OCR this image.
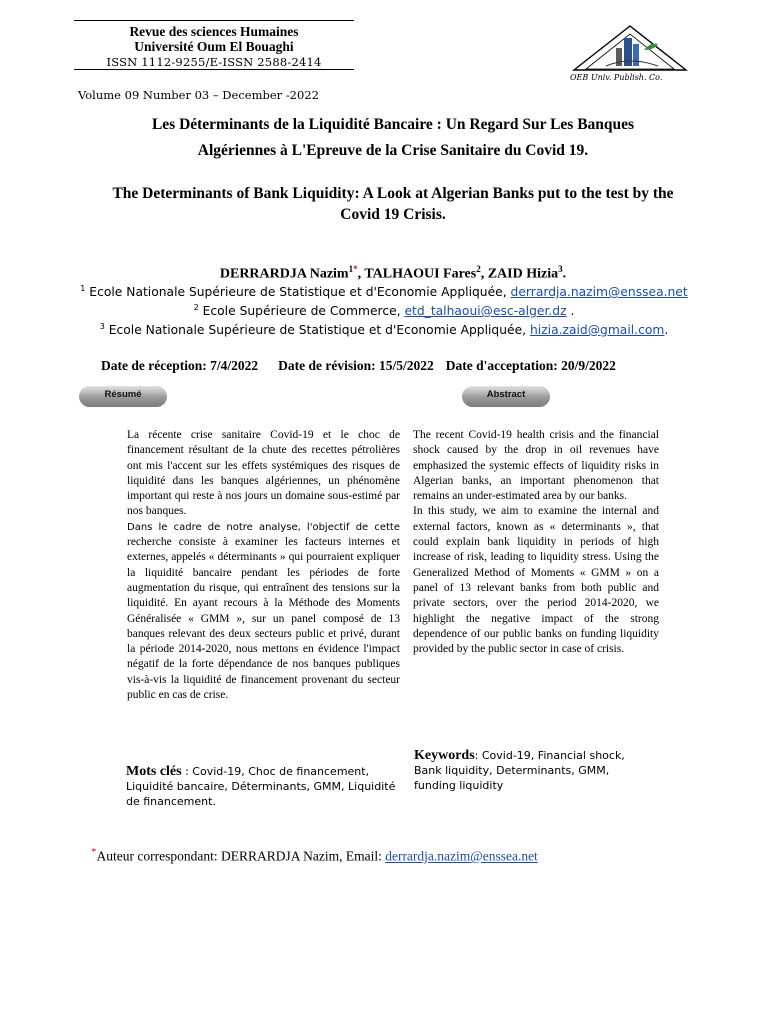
Revue des sciences Humaines
Université Oum El Bouaghi
ISSN 1112-9255/E-ISSN 2588-2414
OEB Univ. Publish. Co.
Volume 09 Number 03 – December -2022
Les Déterminants de la Liquidité Bancaire : Un Regard Sur Les Banques
Algériennes à L'Epreuve de la Crise Sanitaire du Covid 19.
The Determinants of Bank Liquidity: A Look at Algerian Banks put to the test by the Covid 19 Crisis.
DERRARDJA Nazim$^{1*}$, TALHAOUI Fares$^2$, ZAID Hizia$^3$.
$^1$ Ecole Nationale Supérieure de Statistique et d'Economie Appliquée, derrardja.nazim@enssea.net
$^2$ Ecole Supérieure de Commerce, etd_talhaoui@esc-alger.dz .
$^3$ Ecole Nationale Supérieure de Statistique et d'Economie Appliquée, hizia.zaid@gmail.com.
Date de réception: 7/4/2022 Date de révision: 15/5/2022 Date d'acceptation: 20/9/2022
Résumé	Abstract

La récente crise sanitaire Covid-19 et le choc de financement résultant de la chute des recettes pétrolières ont mis l'accent sur les effets systémiques des risques de liquidité dans les banques algériennes, un phénomène important qui reste à nos jours un domaine sous-estimé par nos banques.

Dans le cadre de notre analyse, l'objectif de cette recherche consiste à examiner les facteurs internes et externes, appelés « déterminants » qui pourraient expliquer la liquidité bancaire pendant les périodes de forte augmentation du risque, qui entraînent des tensions sur la liquidité. En ayant recours à la Méthode des Moments Généralisée « GMM », sur un panel composé de 13 banques relevant des deux secteurs public et privé, durant la période 2014-2020, nous mettons en évidence l'impact négatif de la forte dépendance de nos banques publiques vis-à-vis la liquidité de financement provenant du secteur public en cas de crise.

The recent Covid-19 health crisis and the financial shock caused by the drop in oil revenues have emphasized the systemic effects of liquidity risks in Algerian banks, an important phenomenon that remains an under-estimated area by our banks.

In this study, we aim to examine the internal and external factors, known as « determinants », that could explain bank liquidity in periods of high increase of risk, leading to liquidity stress. Using the Generalized Method of Moments « GMM » on a panel of 13 relevant banks from both public and private sectors, over the period 2014-2020, we highlight the negative impact of the strong dependence of our public banks on funding liquidity provided by the public sector in case of crisis.

Mots clés : Covid-19, Choc de financement, Liquidité bancaire, Déterminants, GMM, Liquidité de financement.
Keywords: Covid-19, Financial shock, Bank liquidity, Determinants, GMM, funding liquidity
*Auteur correspondant: DERRARDJA Nazim, Email: derrardja.nazim@enssea.net
